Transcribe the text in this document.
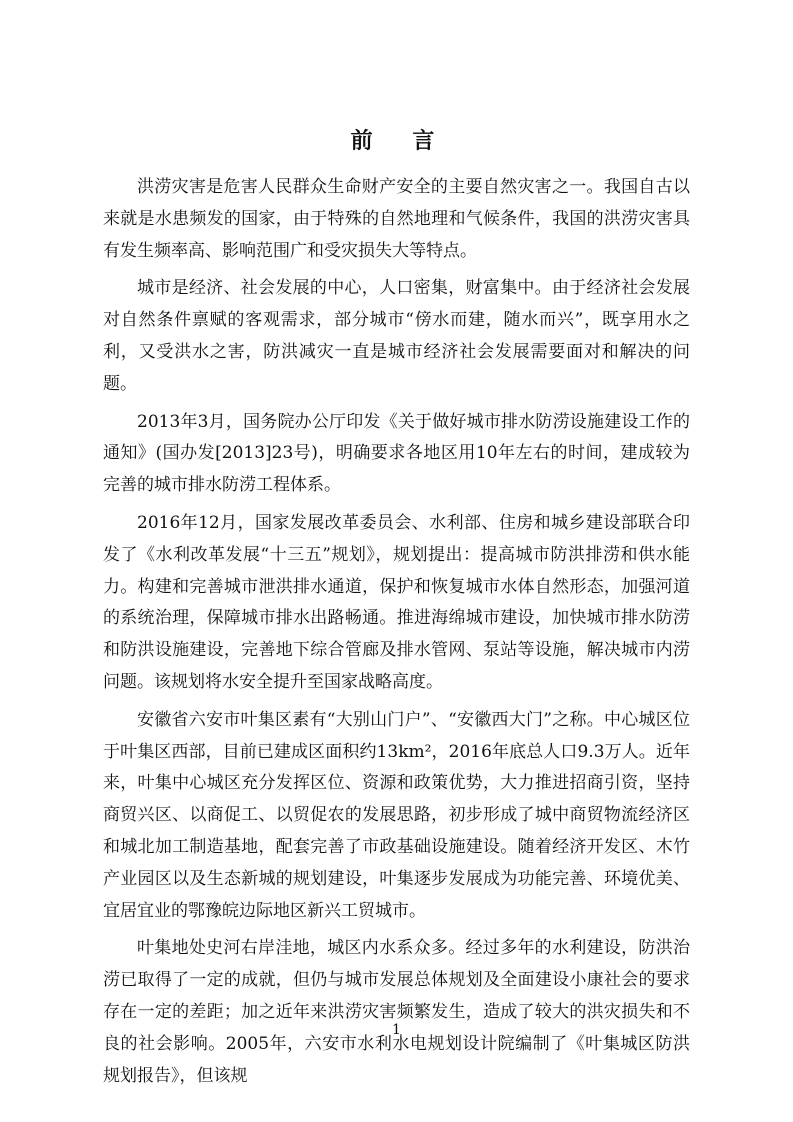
前 言

洪涝灾害是危害人民群众生命财产安全的主要自然灾害之一。我国自古以来就是水患频发的国家，由于特殊的自然地理和气候条件，我国的洪涝灾害具有发生频率高、影响范围广和受灾损失大等特点。

城市是经济、社会发展的中心，人口密集，财富集中。由于经济社会发展对自然条件禀赋的客观需求，部分城市“傍水而建，随水而兴”，既享用水之利，又受洪水之害，防洪减灾一直是城市经济社会发展需要面对和解决的问题。

2013年3月，国务院办公厅印发《关于做好城市排水防涝设施建设工作的通知》(国办发[2013]23号)，明确要求各地区用10年左右的时间，建成较为完善的城市排水防涝工程体系。

2016年12月，国家发展改革委员会、水利部、住房和城乡建设部联合印发了《水利改革发展“十三五”规划》，规划提出：提高城市防洪排涝和供水能力。构建和完善城市泄洪排水通道，保护和恢复城市水体自然形态，加强河道的系统治理，保障城市排水出路畅通。推进海绵城市建设，加快城市排水防涝和防洪设施建设，完善地下综合管廊及排水管网、泵站等设施，解决城市内涝问题。该规划将水安全提升至国家战略高度。

安徽省六安市叶集区素有“大别山门户”、“安徽西大门”之称。中心城区位于叶集区西部，目前已建成区面积约13km²，2016年底总人口9.3万人。近年来，叶集中心城区充分发挥区位、资源和政策优势，大力推进招商引资，坚持商贸兴区、以商促工、以贸促农的发展思路，初步形成了城中商贸物流经济区和城北加工制造基地，配套完善了市政基础设施建设。随着经济开发区、木竹产业园区以及生态新城的规划建设，叶集逐步发展成为功能完善、环境优美、宜居宜业的鄂豫皖边际地区新兴工贸城市。

叶集地处史河右岸洼地，城区内水系众多。经过多年的水利建设，防洪治涝已取得了一定的成就，但仍与城市发展总体规划及全面建设小康社会的要求存在一定的差距；加之近年来洪涝灾害频繁发生，造成了较大的洪灾损失和不良的社会影响。2005年，六安市水利水电规划设计院编制了《叶集城区防洪规划报告》，但该规

1
